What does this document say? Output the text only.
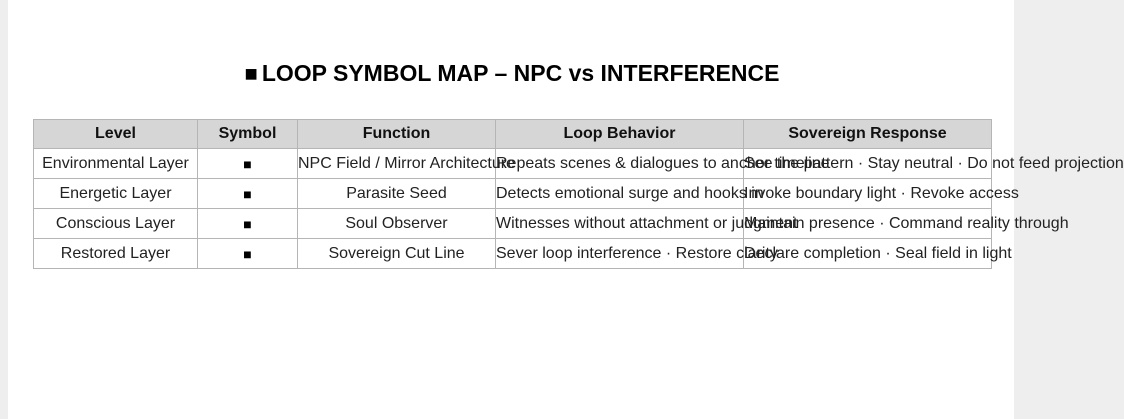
■ LOOP SYMBOL MAP – NPC vs INTERFERENCE
Level	Symbol	Function	Loop Behavior	Sovereign Response
Environmental Layer	■	NPC Field / Mirror Architecture	Repeats scenes & dialogues to anchor timeline	See the pattern · Stay neutral · Do not feed projection
Energetic Layer	■	Parasite Seed	Detects emotional surge and hooks in	Invoke boundary light · Revoke access
Conscious Layer	■	Soul Observer	Witnesses without attachment or judgment	Maintain presence · Command reality through
Restored Layer	■	Sovereign Cut Line	Sever loop interference · Restore clarity	Declare completion · Seal field in light
